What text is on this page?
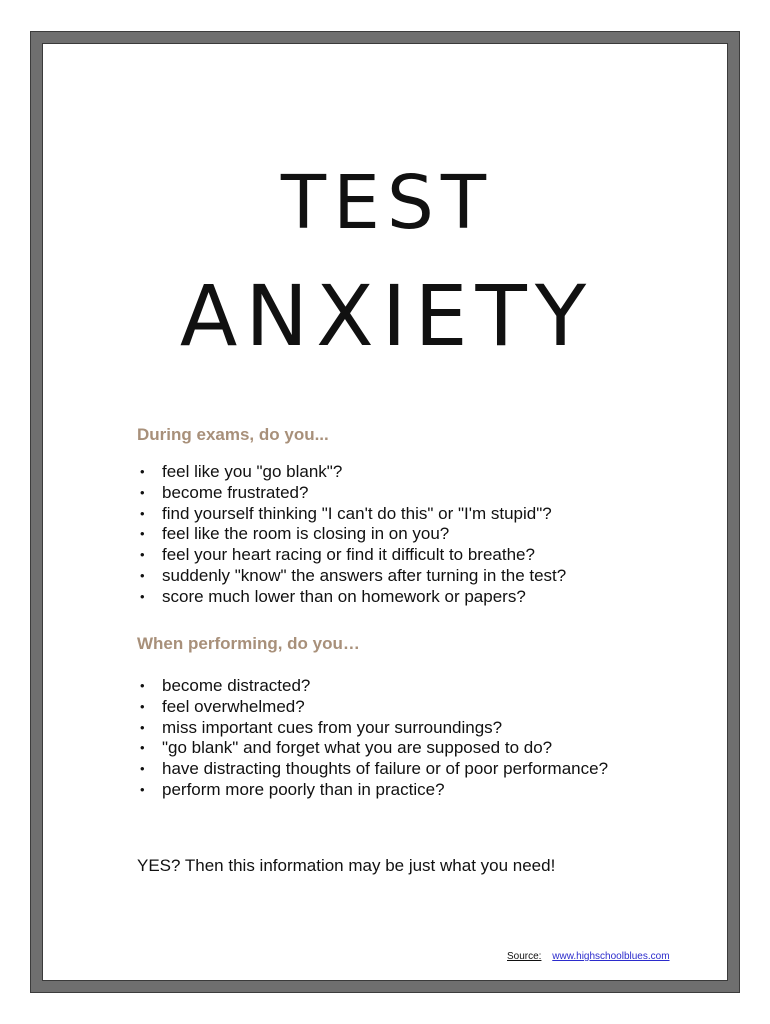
TEST
ANXIETY
During exams, do you...
• feel like you "go blank"?
• become frustrated?
• find yourself thinking "I can't do this" or "I'm stupid"?
• feel like the room is closing in on you?
• feel your heart racing or find it difficult to breathe?
• suddenly "know" the answers after turning in the test?
• score much lower than on homework or papers?
When performing, do you…
• become distracted?
• feel overwhelmed?
• miss important cues from your surroundings?
• "go blank" and forget what you are supposed to do?
• have distracting thoughts of failure or of poor performance?
• perform more poorly than in practice?

YES? Then this information may be just what you need!

Source: www.highschoolblues.com
